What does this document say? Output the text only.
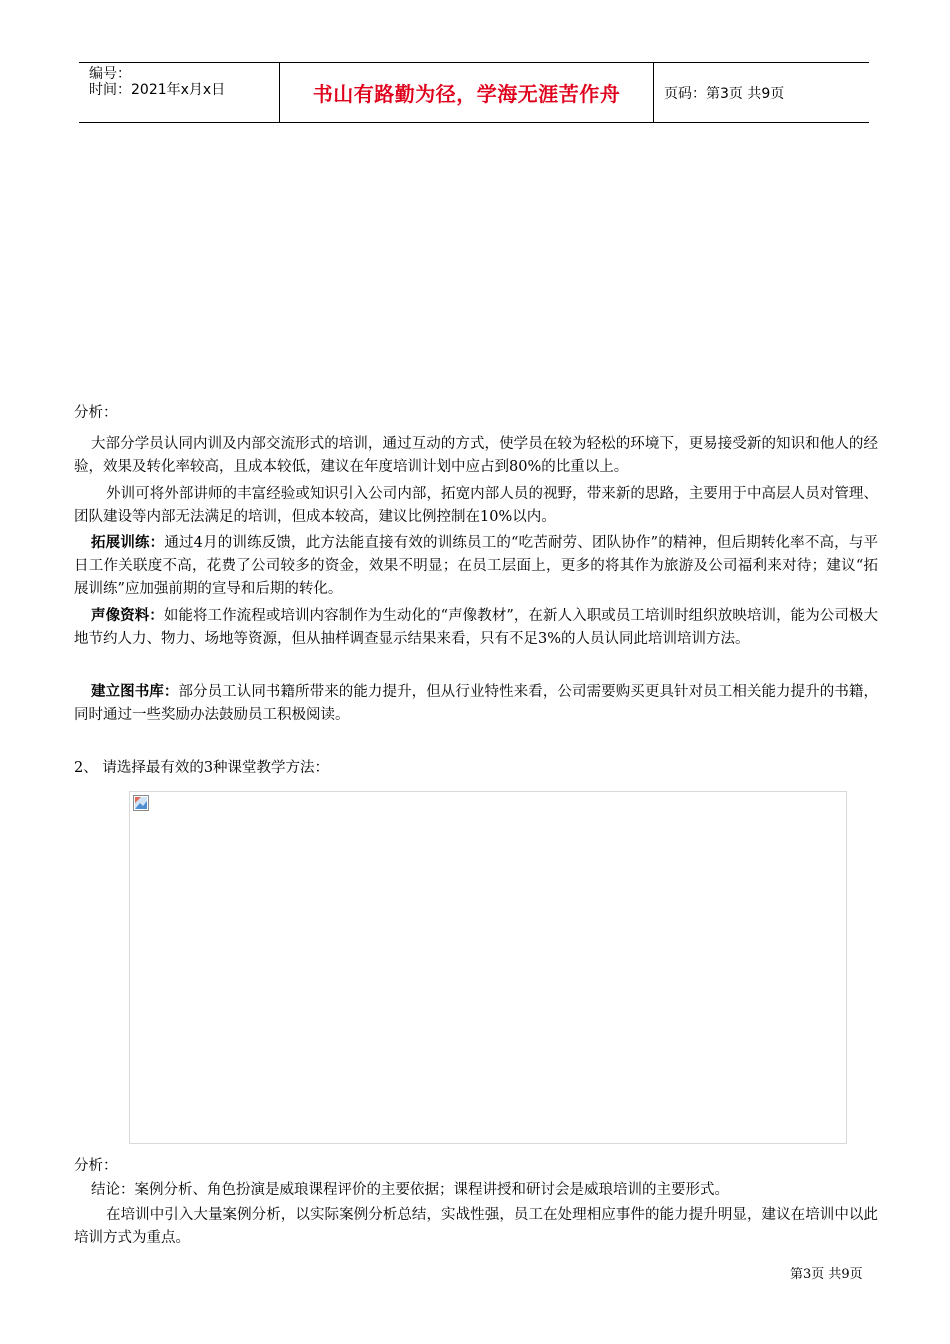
编号：
时间：2021年x月x日	书山有路勤为径，学海无涯苦作舟	页码：第3页 共9页

分析：

大部分学员认同内训及内部交流形式的培训，通过互动的方式，使学员在较为轻松的环境下，更易接受新的知识和他人的经验，效果及转化率较高，且成本较低，建议在年度培训计划中应占到80%的比重以上。

外训可将外部讲师的丰富经验或知识引入公司内部，拓宽内部人员的视野，带来新的思路，主要用于中高层人员对管理、团队建设等内部无法满足的培训，但成本较高，建议比例控制在10%以内。

拓展训练：通过4月的训练反馈，此方法能直接有效的训练员工的“吃苦耐劳、团队协作”的精神，但后期转化率不高，与平日工作关联度不高，花费了公司较多的资金，效果不明显；在员工层面上，更多的将其作为旅游及公司福利来对待；建议“拓展训练”应加强前期的宣导和后期的转化。

声像资料：如能将工作流程或培训内容制作为生动化的“声像教材”，在新人入职或员工培训时组织放映培训，能为公司极大地节约人力、物力、场地等资源，但从抽样调查显示结果来看，只有不足3%的人员认同此培训培训方法。

建立图书库：部分员工认同书籍所带来的能力提升，但从行业特性来看，公司需要购买更具针对员工相关能力提升的书籍，同时通过一些奖励办法鼓励员工积极阅读。

2、 请选择最有效的3种课堂教学方法：

分析：

结论：案例分析、角色扮演是威琅课程评价的主要依据；课程讲授和研讨会是威琅培训的主要形式。

在培训中引入大量案例分析，以实际案例分析总结，实战性强，员工在处理相应事件的能力提升明显，建议在培训中以此培训方式为重点。

第3页 共9页
